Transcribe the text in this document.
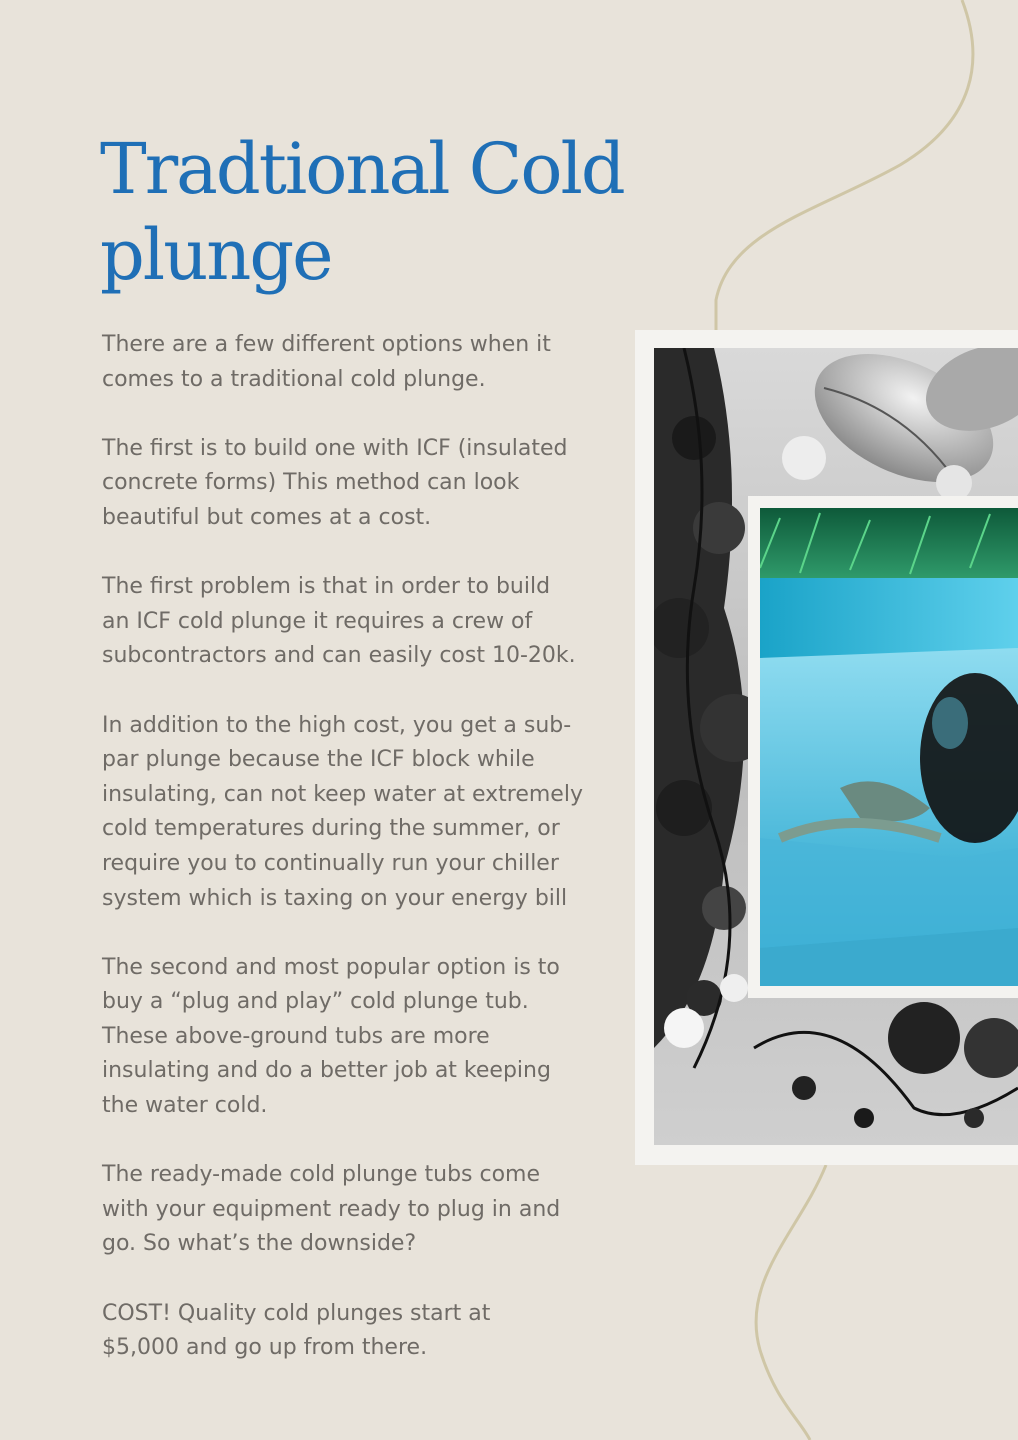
Tradtional Cold plunge

There are a few different options when it
comes to a traditional cold plunge.

The first is to build one with ICF (insulated
concrete forms) This method can look
beautiful but comes at a cost.

The first problem is that in order to build
an ICF cold plunge it requires a crew of
subcontractors and can easily cost 10-20k.

In addition to the high cost, you get a sub-
par plunge because the ICF block while
insulating, can not keep water at extremely
cold temperatures during the summer, or
require you to continually run your chiller
system which is taxing on your energy bill

The second and most popular option is to
buy a “plug and play” cold plunge tub.
These above-ground tubs are more
insulating and do a better job at keeping
the water cold.

The ready-made cold plunge tubs come
with your equipment ready to plug in and
go. So what’s the downside?

COST! Quality cold plunges start at
$5,000 and go up from there.
